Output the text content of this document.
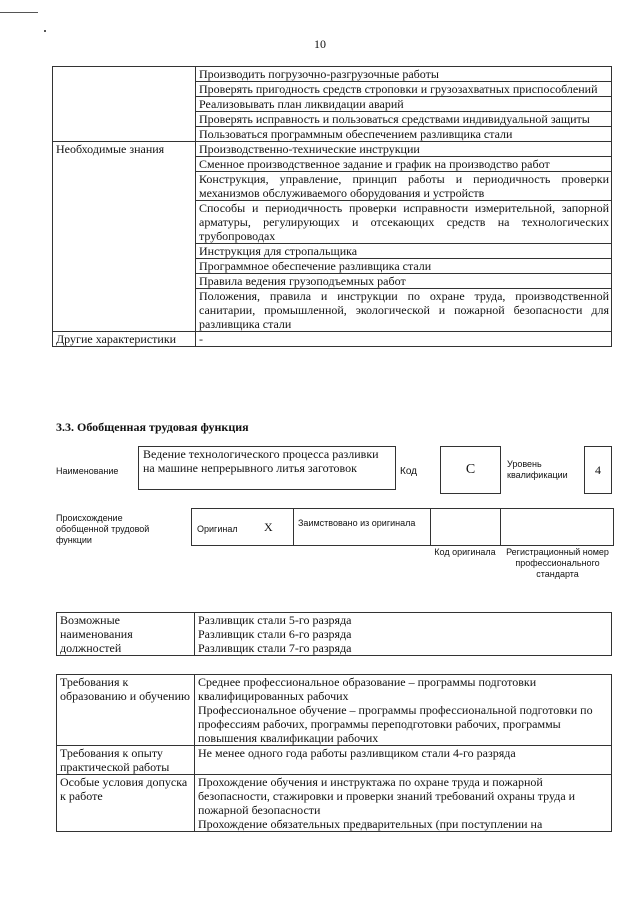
10
	Производить погрузочно-разгрузочные работы
	Проверять пригодность средств строповки и грузозахватных приспособлений
	Реализовывать план ликвидации аварий
	Проверять исправность и пользоваться средствами индивидуальной защиты
	Пользоваться программным обеспечением разливщика стали
Необходимые знания	Производственно-технические инструкции
	Сменное производственное задание и график на производство работ
	Конструкция, управление, принцип работы и периодичность проверки механизмов обслуживаемого оборудования и устройств
	Способы и периодичность проверки исправности измерительной, запорной арматуры, регулирующих и отсекающих средств на технологических трубопроводах
	Инструкция для стропальщика
	Программное обеспечение разливщика стали
	Правила ведения грузоподъемных работ
	Положения, правила и инструкции по охране труда, производственной санитарии, промышленной, экологической и пожарной безопасности для разливщика стали
Другие характеристики	-
3.3. Обобщенная трудовая функция
Наименование
Ведение технологического процесса разливки на машине непрерывного литья заготовок	Код	C	Уровень квалификации	4
Происхождение обобщенной трудовой функции
Оригинал X	Заимствовано из оригинала
Код оригинала	Регистрационный номер профессионального стандарта
Возможные наименования должностей	Разливщик стали 5-го разряда
Разливщик стали 6-го разряда
Разливщик стали 7-го разряда
Требования к образованию и обучению	Среднее профессиональное образование – программы подготовки квалифицированных рабочих
	Профессиональное обучение – программы профессиональной подготовки по профессиям рабочих, программы переподготовки рабочих, программы повышения квалификации рабочих
Требования к опыту практической работы	Не менее одного года работы разливщиком стали 4-го разряда
Особые условия допуска к работе	Прохождение обучения и инструктажа по охране труда и пожарной безопасности, стажировки и проверки знаний требований охраны труда и пожарной безопасности
	Прохождение обязательных предварительных (при поступлении на
